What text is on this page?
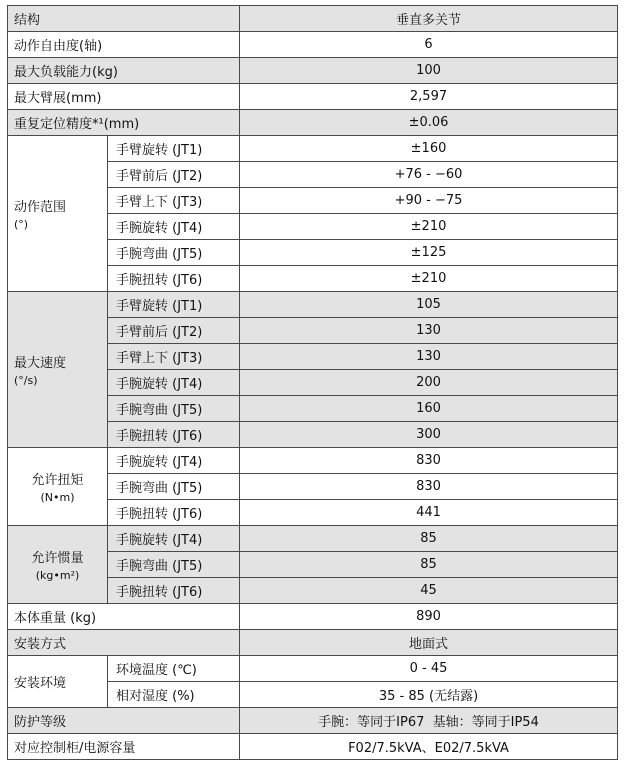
结构		垂直多关节
动作自由度(轴)		6
最大负载能力(kg)		100
最大臂展(mm)		2,597
重复定位精度*¹(mm)		±0.06
动作范围
(°)	手臂旋转 (JT1)	±160
	手臂前后 (JT2)	+76 - −60
	手臂上下 (JT3)	+90 - −75
	手腕旋转 (JT4)	±210
	手腕弯曲 (JT5)	±125
	手腕扭转 (JT6)	±210
最大速度
(°/s)	手臂旋转 (JT1)	105
	手臂前后 (JT2)	130
	手臂上下 (JT3)	130
	手腕旋转 (JT4)	200
	手腕弯曲 (JT5)	160
	手腕扭转 (JT6)	300
允许扭矩
(N•m)	手腕旋转 (JT4)	830
	手腕弯曲 (JT5)	830
	手腕扭转 (JT6)	441
允许惯量
(kg•m²)	手腕旋转 (JT4)	85
	手腕弯曲 (JT5)	85
	手腕扭转 (JT6)	45
本体重量 (kg)		890
安装方式		地面式
安装环境	环境温度 (℃)	0 - 45
	相对湿度 (%)	35 - 85 (无结露)
防护等级		手腕：等同于IP67  基轴：等同于IP54
对应控制柜/电源容量		F02/7.5kVA、E02/7.5kVA
